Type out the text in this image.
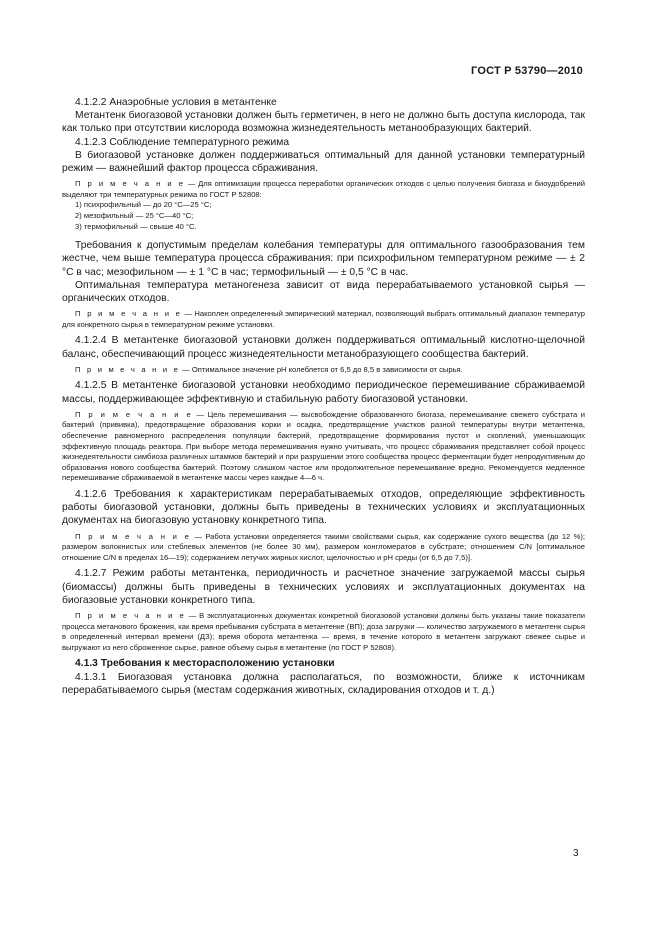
ГОСТ Р 53790—2010

4.1.2.2 Анаэробные условия в метантенке

Метантенк биогазовой установки должен быть герметичен, в него не должно быть доступа кислорода, так как только при отсутствии кислорода возможна жизнедеятельность метанообразующих бактерий.

4.1.2.3 Соблюдение температурного режима

В биогазовой установке должен поддерживаться оптимальный для данной установки температурный режим — важнейший фактор процесса сбраживания.

П р и м е ч а н и е — Для оптимизации процесса переработки органических отходов с целью получения биогаза и биоудобрений выделяют три температурных режима по ГОСТ Р 52808:

1) психрофильный — до 20 °С—25 °С;

2) мезофильный — 25 °С—40 °С;

3) термофильный — свыше 40 °С.

Требования к допустимым пределам колебания температуры для оптимального газообразования тем жестче, чем выше температура процесса сбраживания: при психрофильном температурном режиме — ± 2 °С в час; мезофильном — ± 1 °С в час; термофильный — ± 0,5 °С в час.

Оптимальная температура метаногенеза зависит от вида перерабатываемого установкой сырья — органических отходов.

П р и м е ч а н и е — Накоплен определенный эмпирический материал, позволяющий выбрать оптимальный диапазон температур для конкретного сырья в температурном режиме установки.

4.1.2.4 В метантенке биогазовой установки должен поддерживаться оптимальный кислотно-щелочной баланс, обеспечивающий процесс жизнедеятельности метанобразующего сообщества бактерий.

П р и м е ч а н и е — Оптимальное значение pH колеблется от 6,5 до 8,5 в зависимости от сырья.

4.1.2.5 В метантенке биогазовой установки необходимо периодическое перемешивание сбраживаемой массы, поддерживающее эффективную и стабильную работу биогазовой установки.

П р и м е ч а н и е — Цель перемешивания — высвобождение образованного биогаза, перемешивание свежего субстрата и бактерий (прививка), предотвращение образования корки и осадка, предотвращение участков разной температуры внутри метантенка, обеспечение равномерного распределения популяции бактерий, предотвращение формирования пустот и скоплений, уменьшающих эффективную площадь реактора. При выборе метода перемешивания нужно учитывать, что процесс сбраживания представляет собой процесс жизнедеятельности симбиоза различных штаммов бактерий и при разрушении этого сообщества процесс ферментации будет непродуктивным до образования нового сообщества бактерий. Поэтому слишком частое или продолжительное перемешивание вредно. Рекомендуется медленное перемешивание сбраживаемой в метантенке массы через каждые 4—6 ч.

4.1.2.6 Требования к характеристикам перерабатываемых отходов, определяющие эффективность работы биогазовой установки, должны быть приведены в технических условиях и эксплуатационных документах на биогазовую установку конкретного типа.

П р и м е ч а н и е — Работа установки определяется такими свойствами сырья, как содержание сухого вещества (до 12 %); размером волокнистых или стеблевых элементов (не более 30 мм), размером конгломератов в субстрате; отношением C/N [оптимальное отношение C/N в пределах 16—19); содержанием летучих жирных кислот, щелочностью и pH среды (от 6,5 до 7,5)].

4.1.2.7 Режим работы метантенка, периодичность и расчетное значение загружаемой массы сырья (биомассы) должны быть приведены в технических условиях и эксплуатационных документах на биогазовые установки конкретного типа.

П р и м е ч а н и е — В эксплуатационных документах конкретной биогазовой установки должны быть указаны такие показатели процесса метанового брожения, как время пребывания субстрата в метантенке (ВП); доза загрузки — количество загружаемого в метантенк сырья в определенный интервал времени (ДЗ); время оборота метантенка — время, в течение которого в метантенк загружают свежее сырье и выгружают из него сброженное сырье, равное объему сырья в метантенке (по ГОСТ Р 52808).

4.1.3 Требования к месторасположению установки

4.1.3.1 Биогазовая установка должна располагаться, по возможности, ближе к источникам перерабатываемого сырья (местам содержания животных, складирования отходов и т. д.)

3
